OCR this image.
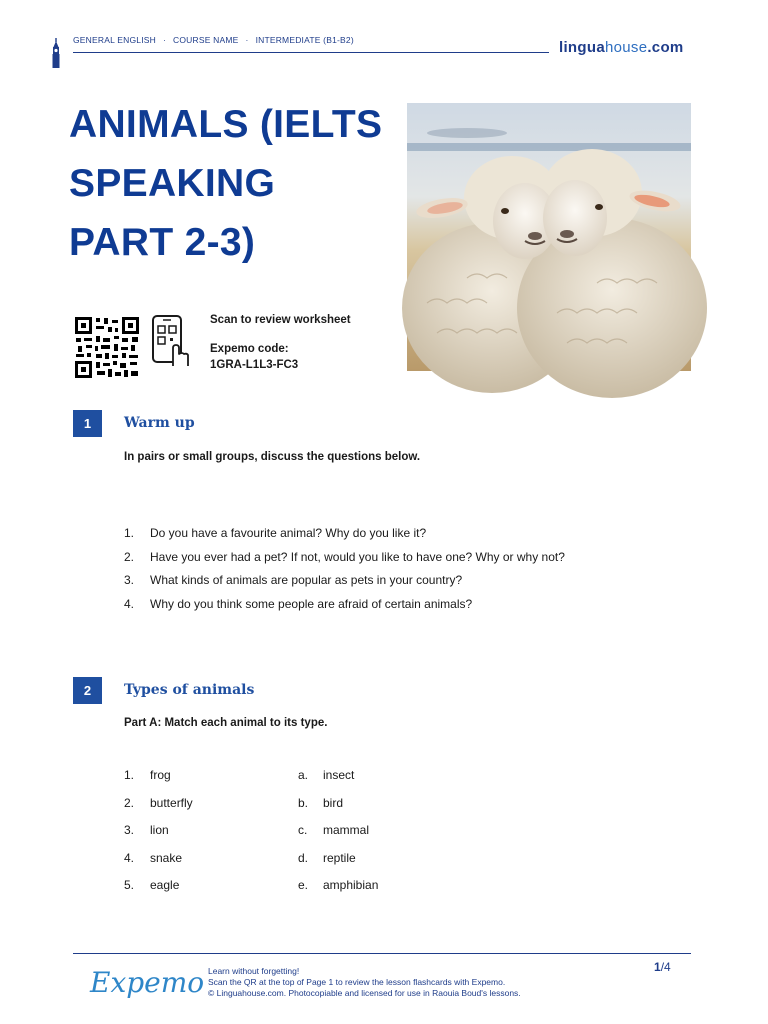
GENERAL ENGLISH · COURSE NAME · INTERMEDIATE (B1-B2)	linguahouse.com
ANIMALS (IELTS
SPEAKING
PART 2-3)
Scan to review worksheet
Expemo code:
1GRA-L1L3-FC3
1	Warm up
In pairs or small groups, discuss the questions below.
1. Do you have a favourite animal? Why do you like it?
2. Have you ever had a pet? If not, would you like to have one? Why or why not?
3. What kinds of animals are popular as pets in your country?
4. Why do you think some people are afraid of certain animals?
2	Types of animals
Part A: Match each animal to its type.
1. frog	a. insect
2. butterfly	b. bird
3. lion	c. mammal
4. snake	d. reptile
5. eagle	e. amphibian
Expemo Learn without forgetting!
Scan the QR at the top of Page 1 to review the lesson flashcards with Expemo.
© Linguahouse.com. Photocopiable and licensed for use in Raouia Boud's lessons.
1/4
